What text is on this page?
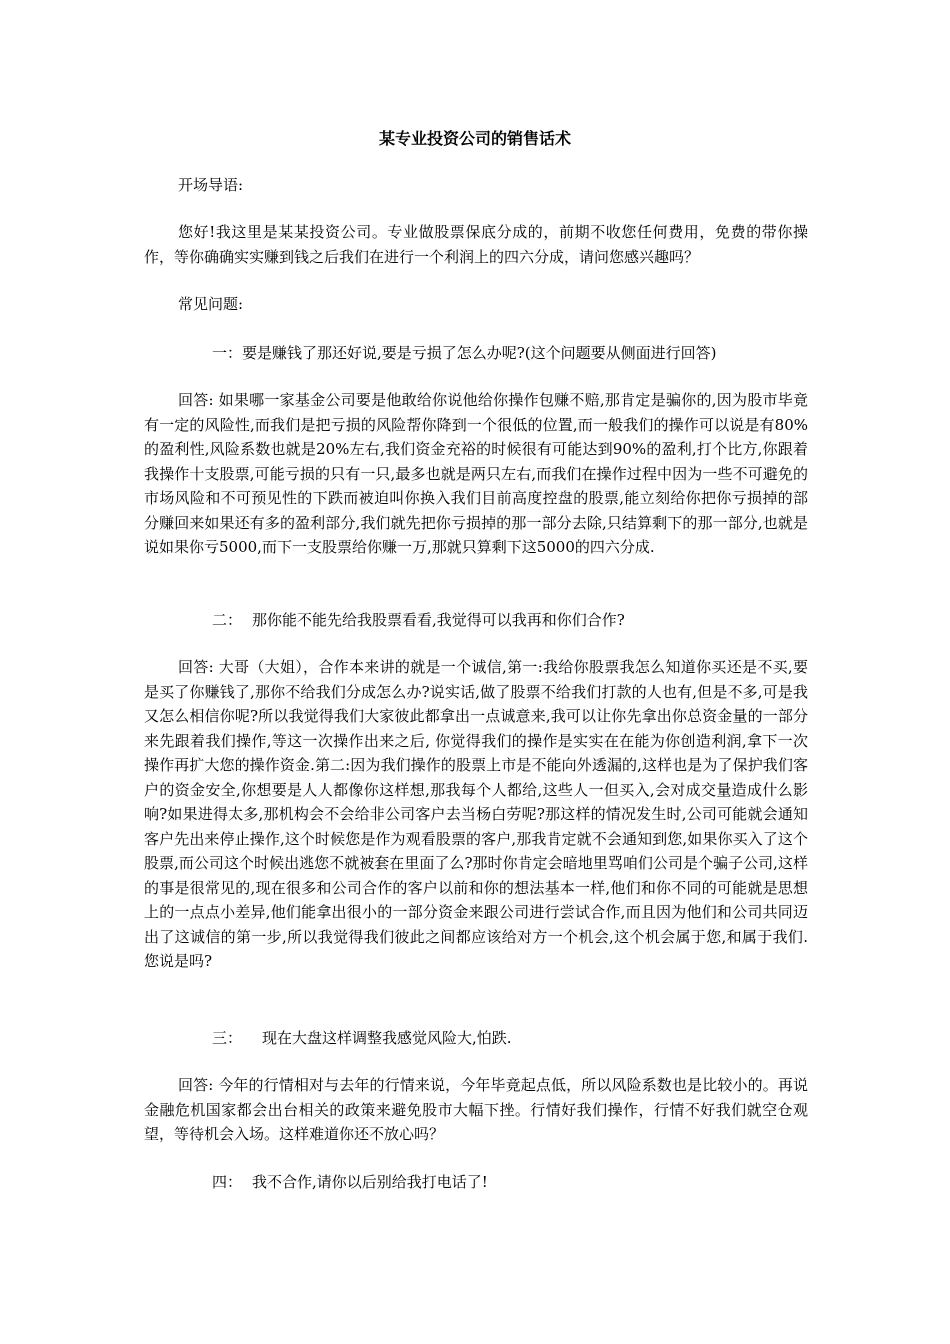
某专业投资公司的销售话术
开场导语:
您好!我这里是某某投资公司。专业做股票保底分成的，前期不收您任何费用，免费的带你操作，等你确确实实赚到钱之后我们在进行一个利润上的四六分成，请问您感兴趣吗？
常见问题:
一：要是赚钱了那还好说,要是亏损了怎么办呢?(这个问题要从侧面进行回答)
回答: 如果哪一家基金公司要是他敢给你说他给你操作包赚不赔,那肯定是骗你的,因为股市毕竟有一定的风险性,而我们是把亏损的风险帮你降到一个很低的位置,而一般我们的操作可以说是有80%的盈利性,风险系数也就是20%左右,我们资金充裕的时候很有可能达到90%的盈利,打个比方,你跟着我操作十支股票,可能亏损的只有一只,最多也就是两只左右,而我们在操作过程中因为一些不可避免的市场风险和不可预见性的下跌而被迫叫你换入我们目前高度控盘的股票,能立刻给你把你亏损掉的部分赚回来如果还有多的盈利部分,我们就先把你亏损掉的那一部分去除,只结算剩下的那一部分,也就是说如果你亏5000,而下一支股票给你赚一万,那就只算剩下这5000的四六分成.
二： 那你能不能先给我股票看看,我觉得可以我再和你们合作?
回答: 大哥（大姐），合作本来讲的就是一个诚信,第一:我给你股票我怎么知道你买还是不买,要是买了你赚钱了,那你不给我们分成怎么办?说实话,做了股票不给我们打款的人也有,但是不多,可是我又怎么相信你呢?所以我觉得我们大家彼此都拿出一点诚意来,我可以让你先拿出你总资金量的一部分来先跟着我们操作,等这一次操作出来之后, 你觉得我们的操作是实实在在能为你创造利润,拿下一次操作再扩大您的操作资金.第二:因为我们操作的股票上市是不能向外透漏的,这样也是为了保护我们客户的资金安全,你想要是人人都像你这样想,那我每个人都给,这些人一但买入,会对成交量造成什么影响?如果进得太多,那机构会不会给非公司客户去当杨白劳呢?那这样的情况发生时,公司可能就会通知客户先出来停止操作,这个时候您是作为观看股票的客户,那我肯定就不会通知到您,如果你买入了这个股票,而公司这个时候出逃您不就被套在里面了么?那时你肯定会暗地里骂咱们公司是个骗子公司,这样的事是很常见的,现在很多和公司合作的客户以前和你的想法基本一样,他们和你不同的可能就是思想上的一点点小差异,他们能拿出很小的一部分资金来跟公司进行尝试合作,而且因为他们和公司共同迈出了这诚信的第一步,所以我觉得我们彼此之间都应该给对方一个机会,这个机会属于您,和属于我们.您说是吗?
三： 现在大盘这样调整我感觉风险大,怕跌.
回答: 今年的行情相对与去年的行情来说，今年毕竟起点低，所以风险系数也是比较小的。再说金融危机国家都会出台相关的政策来避免股市大幅下挫。行情好我们操作，行情不好我们就空仓观望，等待机会入场。这样难道你还不放心吗？
四： 我不合作,请你以后别给我打电话了!
